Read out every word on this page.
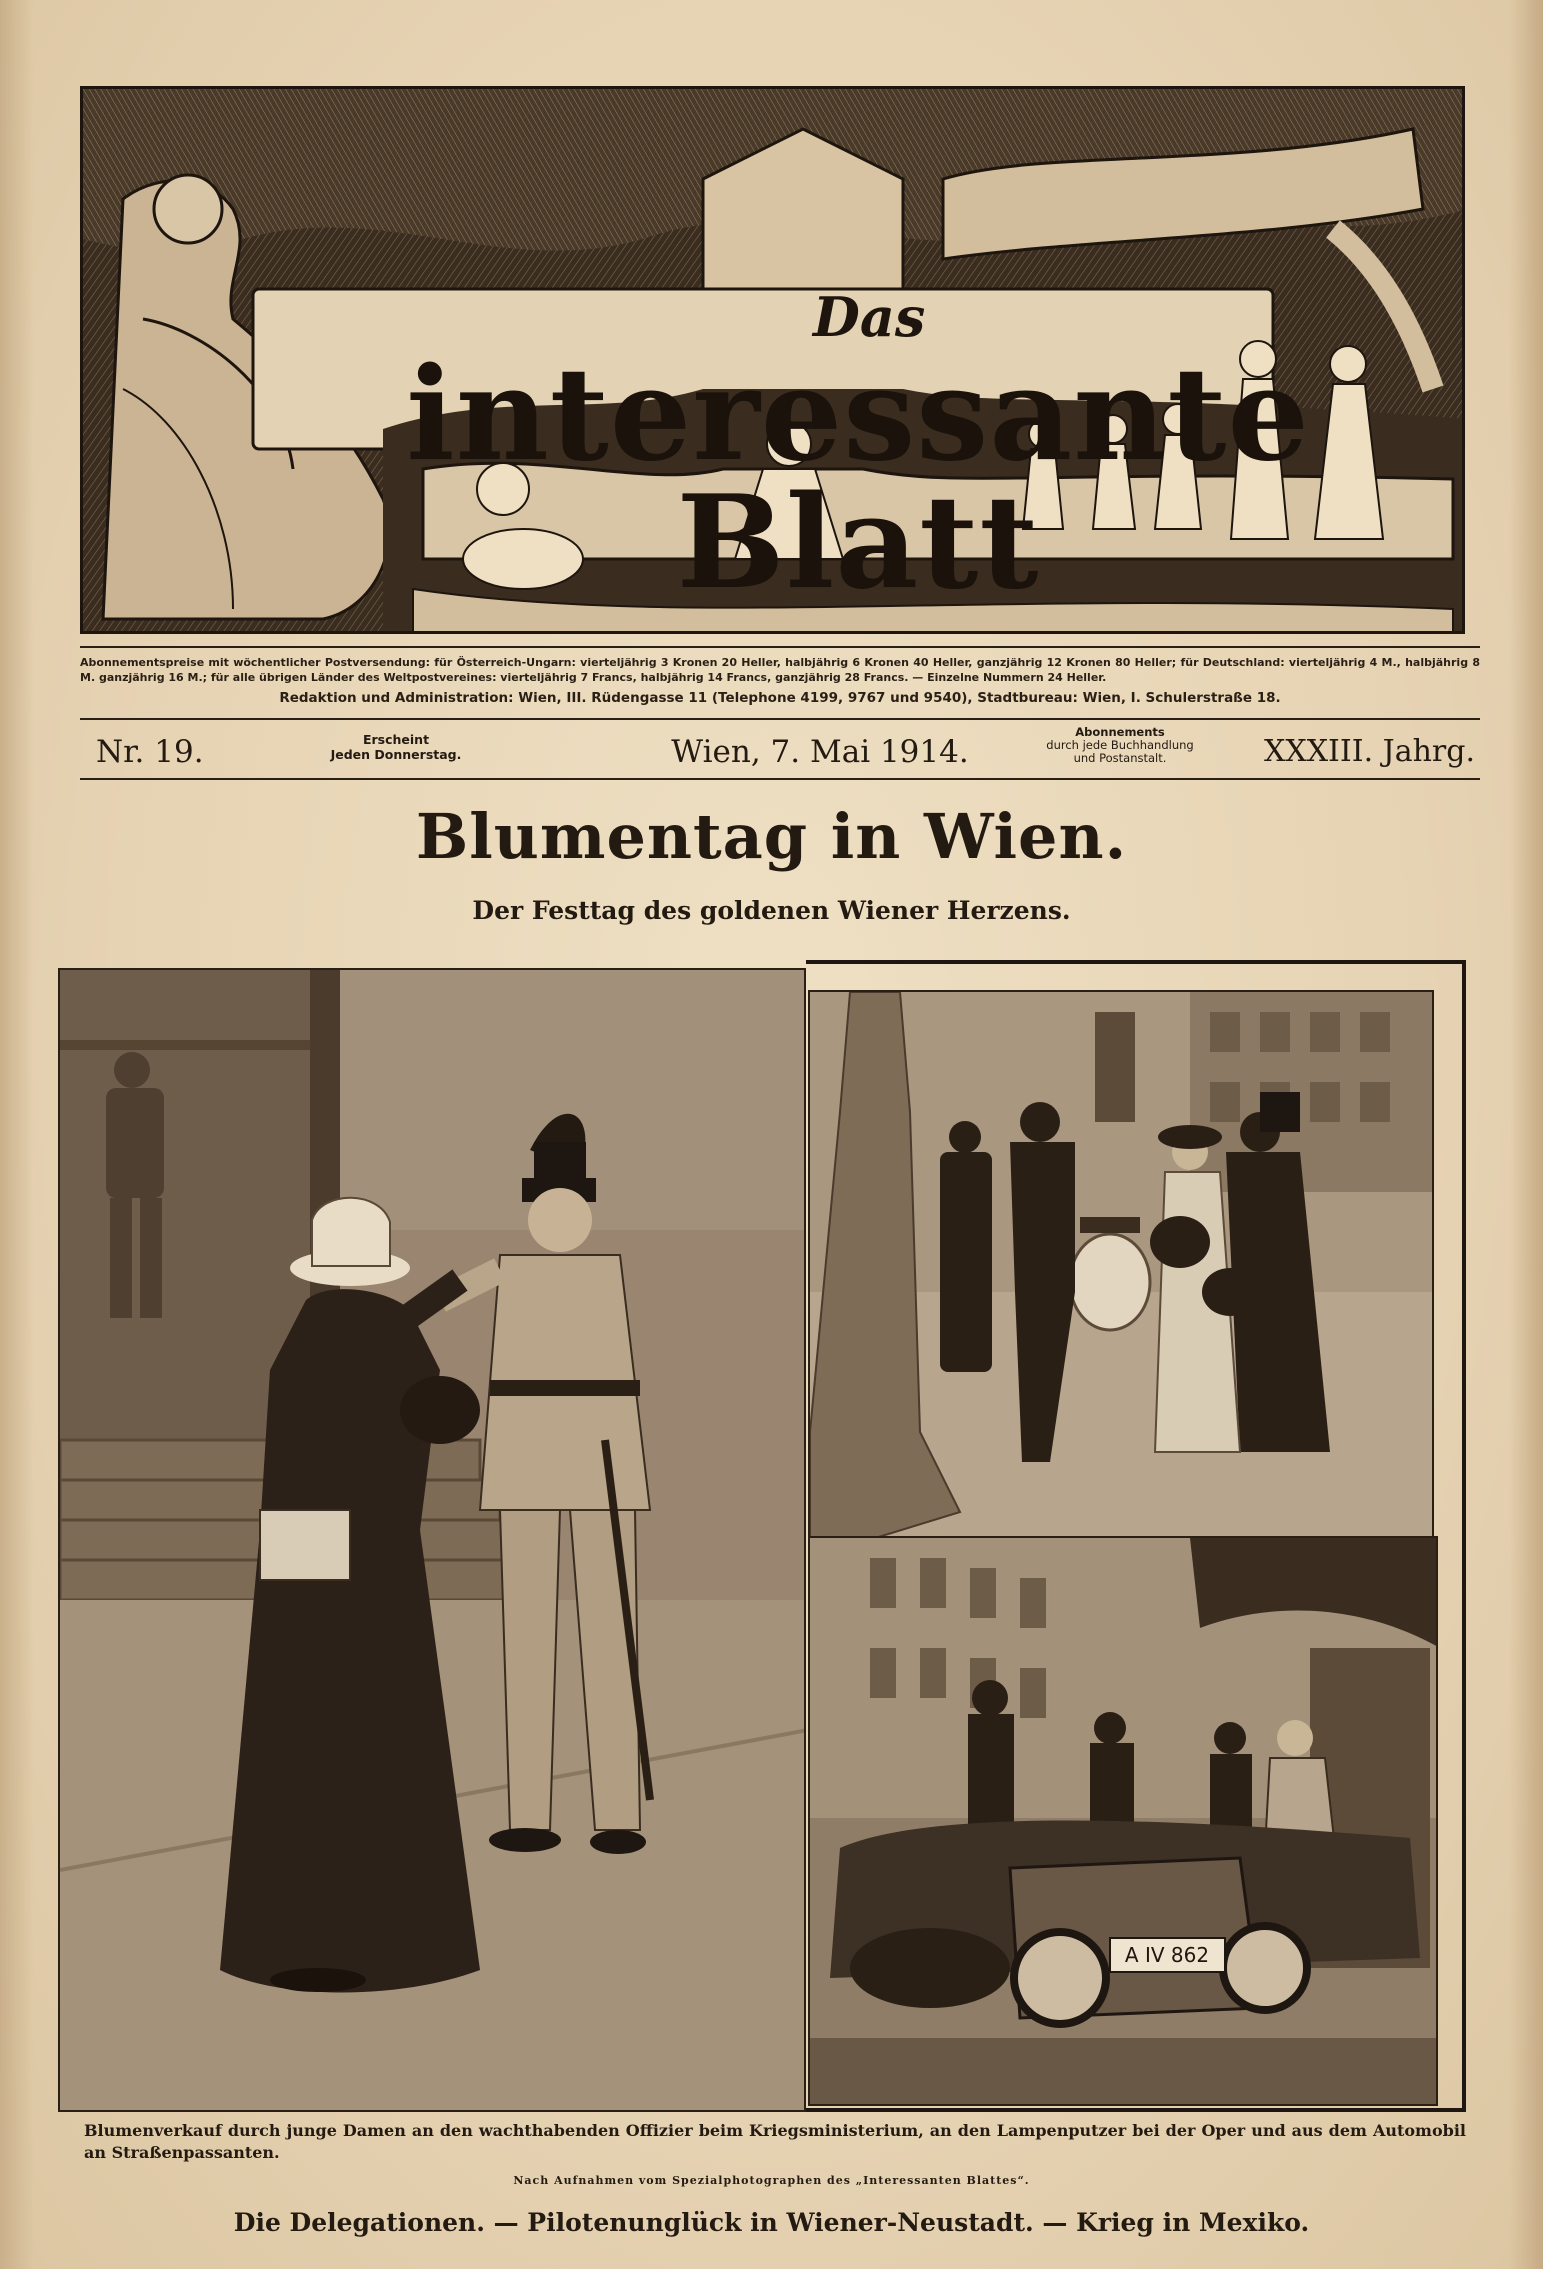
Das
interessante Blatt
Abonnementspreise mit wöchentlicher Postversendung: für Österreich-Ungarn: vierteljährig 3 Kronen 20 Heller, halbjährig 6 Kronen 40 Heller, ganzjährig 12 Kronen 80 Heller; für Deutschland: vierteljährig 4 M., halbjährig 8 M. ganzjährig 16 M.; für alle übrigen Länder des Weltpostvereines: vierteljährig 7 Francs, halbjährig 14 Francs, ganzjährig 28 Francs. — Einzelne Nummern 24 Heller.
Redaktion und Administration: Wien, III. Rüdengasse 11 (Telephone 4199, 9767 und 9540), Stadtbureau: Wien, I. Schulerstraße 18.
Nr. 19.	Erscheint
Jeden Donnerstag.	Wien, 7. Mai 1914.
Abonnements
durch jede Buchhandlung
und Postanstalt.	XXXIII. Jahrg.
Blumentag in Wien.
Der Festtag des goldenen Wiener Herzens.
A IV 862
Blumenverkauf durch junge Damen an den wachthabenden Offizier beim Kriegsministerium, an den Lampenputzer bei der Oper und aus dem Automobil an Straßenpassanten.
Nach Aufnahmen vom Spezialphotographen des „Interessanten Blattes“.
Die Delegationen. — Pilotenunglück in Wiener-Neustadt. — Krieg in Mexiko.
